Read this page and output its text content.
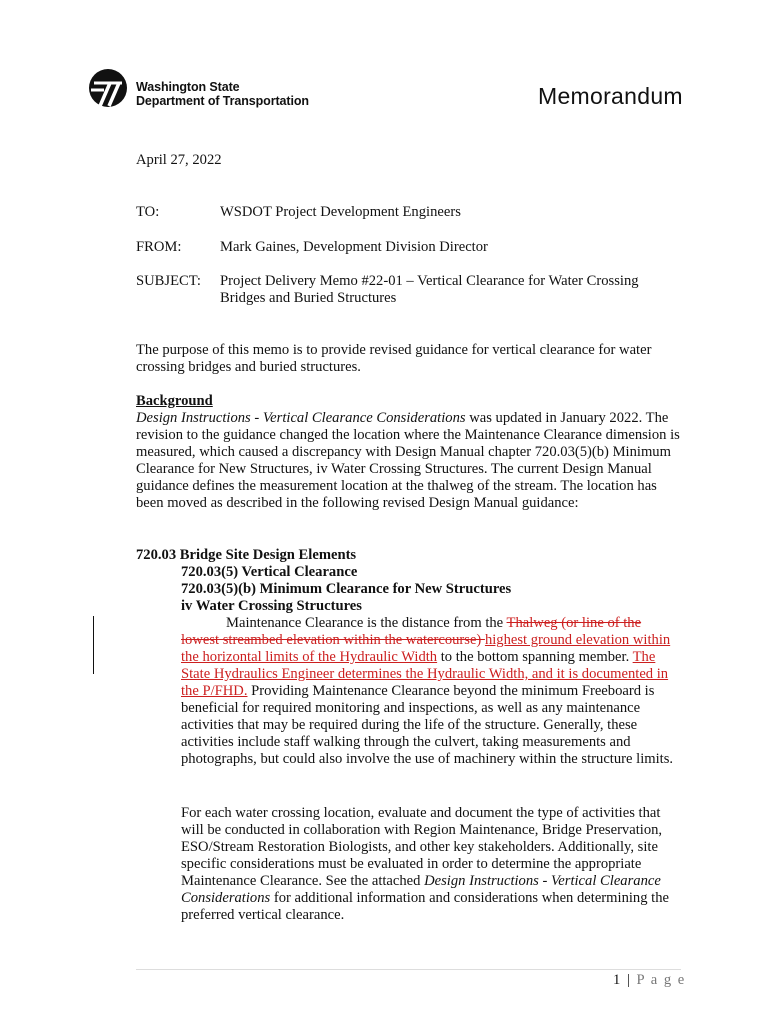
Washington State
Department of Transportation	Memorandum
April 27, 2022
TO:	WSDOT Project Development Engineers
FROM:	Mark Gaines, Development Division Director
SUBJECT: Project Delivery Memo #22-01 – Vertical Clearance for Water Crossing
Bridges and Buried Structures
The purpose of this memo is to provide revised guidance for vertical clearance for water crossing bridges and buried structures.
Background
Design Instructions - Vertical Clearance Considerations was updated in January 2022. The revision to the guidance changed the location where the Maintenance Clearance dimension is measured, which caused a discrepancy with Design Manual chapter 720.03(5)(b) Minimum Clearance for New Structures, iv Water Crossing Structures. The current Design Manual guidance defines the measurement location at the thalweg of the stream. The location has been moved as described in the following revised Design Manual guidance:
720.03 Bridge Site Design Elements
720.03(5) Vertical Clearance
720.03(5)(b) Minimum Clearance for New Structures
iv Water Crossing Structures
Maintenance Clearance is the distance from the Thalweg (or line of the lowest streambed elevation within the watercourse) highest ground elevation within the horizontal limits of the Hydraulic Width to the bottom spanning member. The State Hydraulics Engineer determines the Hydraulic Width, and it is documented in the P/FHD. Providing Maintenance Clearance beyond the minimum Freeboard is beneficial for required monitoring and inspections, as well as any maintenance activities that may be required during the life of the structure. Generally, these activities include staff walking through the culvert, taking measurements and photographs, but could also involve the use of machinery within the structure limits.
For each water crossing location, evaluate and document the type of activities that will be conducted in collaboration with Region Maintenance, Bridge Preservation, ESO/Stream Restoration Biologists, and other key stakeholders. Additionally, site specific considerations must be evaluated in order to determine the appropriate Maintenance Clearance. See the attached Design Instructions - Vertical Clearance Considerations for additional information and considerations when determining the preferred vertical clearance.
1 | P a g e
